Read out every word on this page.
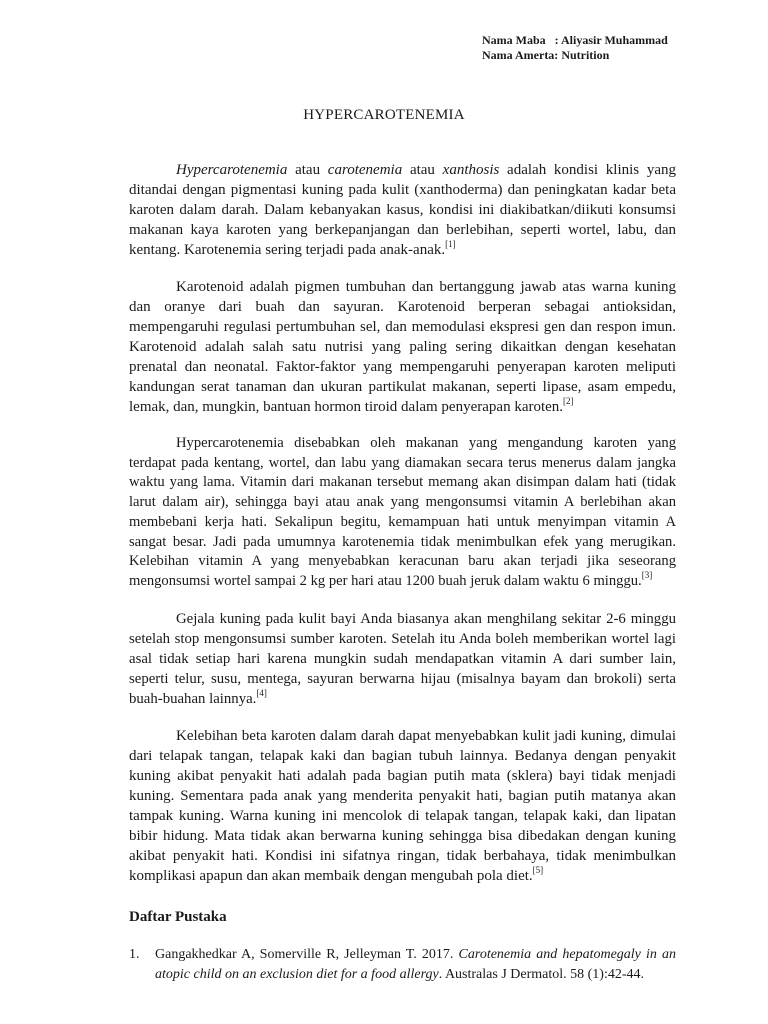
Nama Maba : Aliyasir Muhammad
Nama Amerta: Nutrition
HYPERCAROTENEMIA

Hypercarotenemia atau carotenemia atau xanthosis adalah kondisi klinis yang ditandai dengan pigmentasi kuning pada kulit (xanthoderma) dan peningkatan kadar beta karoten dalam darah. Dalam kebanyakan kasus, kondisi ini diakibatkan/diikuti konsumsi makanan kaya karoten yang berkepanjangan dan berlebihan, seperti wortel, labu, dan kentang. Karotenemia sering terjadi pada anak-anak.[1]

Karotenoid adalah pigmen tumbuhan dan bertanggung jawab atas warna kuning dan oranye dari buah dan sayuran. Karotenoid berperan sebagai antioksidan, mempengaruhi regulasi pertumbuhan sel, dan memodulasi ekspresi gen dan respon imun. Karotenoid adalah salah satu nutrisi yang paling sering dikaitkan dengan kesehatan prenatal dan neonatal. Faktor-faktor yang mempengaruhi penyerapan karoten meliputi kandungan serat tanaman dan ukuran partikulat makanan, seperti lipase, asam empedu, lemak, dan, mungkin, bantuan hormon tiroid dalam penyerapan karoten.[2]

Hypercarotenemia disebabkan oleh makanan yang mengandung karoten yang terdapat pada kentang, wortel, dan labu yang diamakan secara terus menerus dalam jangka waktu yang lama. Vitamin dari makanan tersebut memang akan disimpan dalam hati (tidak larut dalam air), sehingga bayi atau anak yang mengonsumsi vitamin A berlebihan akan membebani kerja hati. Sekalipun begitu, kemampuan hati untuk menyimpan vitamin A sangat besar. Jadi pada umumnya karotenemia tidak menimbulkan efek yang merugikan. Kelebihan vitamin A yang menyebabkan keracunan baru akan terjadi jika seseorang mengonsumsi wortel sampai 2 kg per hari atau 1200 buah jeruk dalam waktu 6 minggu.[3]

Gejala kuning pada kulit bayi Anda biasanya akan menghilang sekitar 2-6 minggu setelah stop mengonsumsi sumber karoten. Setelah itu Anda boleh memberikan wortel lagi asal tidak setiap hari karena mungkin sudah mendapatkan vitamin A dari sumber lain, seperti telur, susu, mentega, sayuran berwarna hijau (misalnya bayam dan brokoli) serta buah-buahan lainnya.[4]

Kelebihan beta karoten dalam darah dapat menyebabkan kulit jadi kuning, dimulai dari telapak tangan, telapak kaki dan bagian tubuh lainnya. Bedanya dengan penyakit kuning akibat penyakit hati adalah pada bagian putih mata (sklera) bayi tidak menjadi kuning. Sementara pada anak yang menderita penyakit hati, bagian putih matanya akan tampak kuning. Warna kuning ini mencolok di telapak tangan, telapak kaki, dan lipatan bibir hidung. Mata tidak akan berwarna kuning sehingga bisa dibedakan dengan kuning akibat penyakit hati. Kondisi ini sifatnya ringan, tidak berbahaya, tidak menimbulkan komplikasi apapun dan akan membaik dengan mengubah pola diet.[5]

Daftar Pustaka
1. Gangakhedkar A, Somerville R, Jelleyman T. 2017. Carotenemia and hepatomegaly in an atopic child on an exclusion diet for a food allergy. Australas J Dermatol. 58 (1):42-44.
